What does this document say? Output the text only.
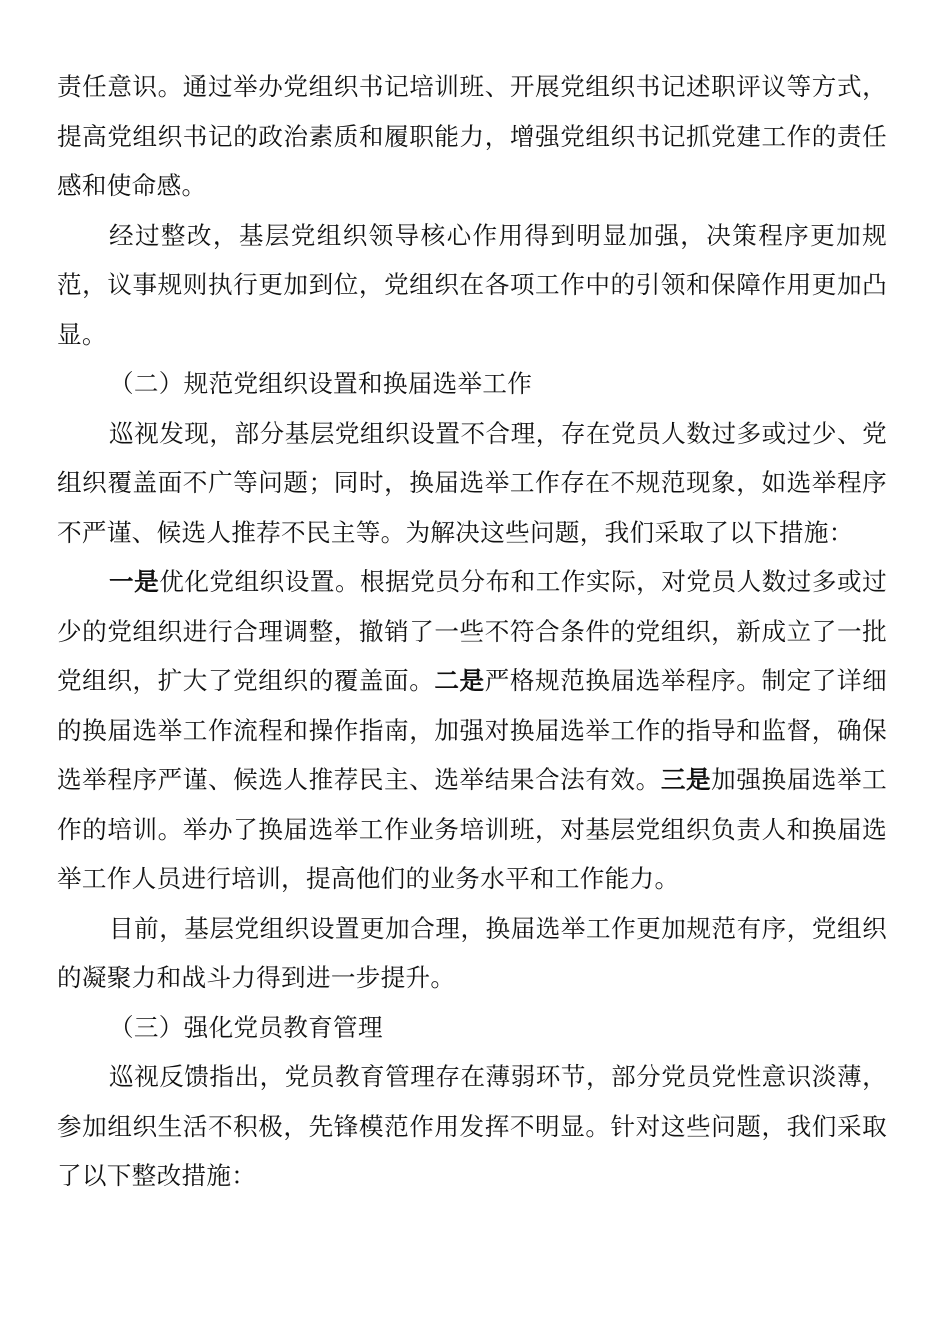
责任意识。通过举办党组织书记培训班、开展党组织书记述职评议等方式，提高党组织书记的政治素质和履职能力，增强党组织书记抓党建工作的责任感和使命感。

经过整改，基层党组织领导核心作用得到明显加强，决策程序更加规范，议事规则执行更加到位，党组织在各项工作中的引领和保障作用更加凸显。

（二）规范党组织设置和换届选举工作

巡视发现，部分基层党组织设置不合理，存在党员人数过多或过少、党组织覆盖面不广等问题；同时，换届选举工作存在不规范现象，如选举程序不严谨、候选人推荐不民主等。为解决这些问题，我们采取了以下措施：

一是优化党组织设置。根据党员分布和工作实际，对党员人数过多或过少的党组织进行合理调整，撤销了一些不符合条件的党组织，新成立了一批党组织，扩大了党组织的覆盖面。二是严格规范换届选举程序。制定了详细的换届选举工作流程和操作指南，加强对换届选举工作的指导和监督，确保选举程序严谨、候选人推荐民主、选举结果合法有效。三是加强换届选举工作的培训。举办了换届选举工作业务培训班，对基层党组织负责人和换届选举工作人员进行培训，提高他们的业务水平和工作能力。

目前，基层党组织设置更加合理，换届选举工作更加规范有序，党组织的凝聚力和战斗力得到进一步提升。

（三）强化党员教育管理

巡视反馈指出，党员教育管理存在薄弱环节，部分党员党性意识淡薄，参加组织生活不积极，先锋模范作用发挥不明显。针对这些问题，我们采取了以下整改措施：
